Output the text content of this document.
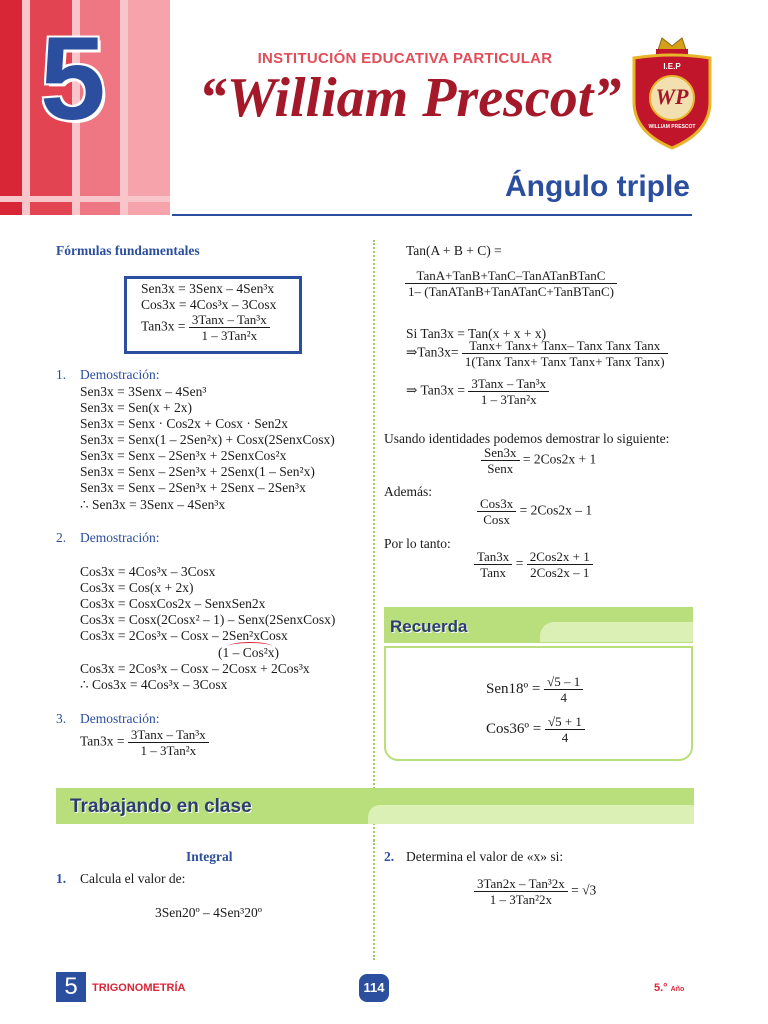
5	INSTITUCIÓN EDUCATIVA PARTICULAR
“William Prescot”
I.E.P
WP
WILLIAM PRESCOT
Ángulo triple
Fórmulas fundamentales
Sen3x = 3Senx – 4Sen³x
Cos3x = 4Cos³x – 3Cosx
$Tan3x = \frac{\text{3Tanx – Tan³x}}{\text{1 – 3Tan²x}}$
1. Demostración:
Sen3x = 3Senx – 4Sen³
Sen3x = Sen(x + 2x)
Sen3x = Senx · Cos2x + Cosx · Sen2x
Sen3x = Senx(1 – 2Sen²x) + Cosx(2SenxCosx)
Sen3x = Senx – 2Sen³x + 2SenxCos²x
Sen3x = Senx – 2Sen³x + 2Senx(1 – Sen²x)
Sen3x = Senx – 2Sen³x + 2Senx – 2Sen³x
∴ Sen3x = 3Senx – 4Sen³x
2. Demostración:
Cos3x = 4Cos³x – 3Cosx
Cos3x = Cos(x + 2x)
Cos3x = CosxCos2x – SenxSen2x
Cos3x = Cosx(2Cosx² – 1) – Senx(2SenxCosx)
Cos3x = 2Cos³x – Cosx – 2Sen²xCosx
(1 – Cos²x)
Cos3x = 2Cos³x – Cosx – 2Cosx + 2Cos³x
∴ Cos3x = 4Cos³x – 3Cosx
3. Demostración:
$Tan3x = \frac{\text{3Tanx – Tan³x}}{\text{1 – 3Tan²x}}$
Tan(A + B + C) =
$\frac{\text{TanA+TanB+TanC–TanATanBTanC}}{\text{1– (TanATanB+TanATanC+TanBTanC)}}$
Si Tan3x = Tan(x + x + x)
⇒Tan3x= $\frac{\text{Tanx+ Tanx+ Tanx– Tanx Tanx Tanx}}{\text{1(Tanx Tanx+ Tanx Tanx+ Tanx Tanx)}}$
⇒ $Tan3x = \frac{\text{3Tanx – Tan³x}}{\text{1 – 3Tan²x}}$
Usando identidades podemos demostrar lo siguiente:
$\frac{\text{Sen3x}}{\text{Senx}} = 2Cos2x + 1$
Además:
$\frac{\text{Cos3x}}{\text{Cosx}} = 2Cos2x - 1$
Por lo tanto:
$\frac{\text{Tan3x}}{\text{Tanx}} = \frac{\text{2Cos2x + 1}}{\text{2Cos2x – 1}}$
Recuerda
Sen18º = $\frac{√5 - 1}{4}$
Cos36º = $\frac{√5 + 1}{4}$
Trabajando en clase
Integral
1. Calcula el valor de:
3Sen20º – 4Sen³20º
2. Determina el valor de «x» si:
$\frac{\text{3Tan2x – Tan³2x}}{\text{1 – 3Tan²2x}} = √3$
5	TRIGONOMETRÍA	114	5.° Año
